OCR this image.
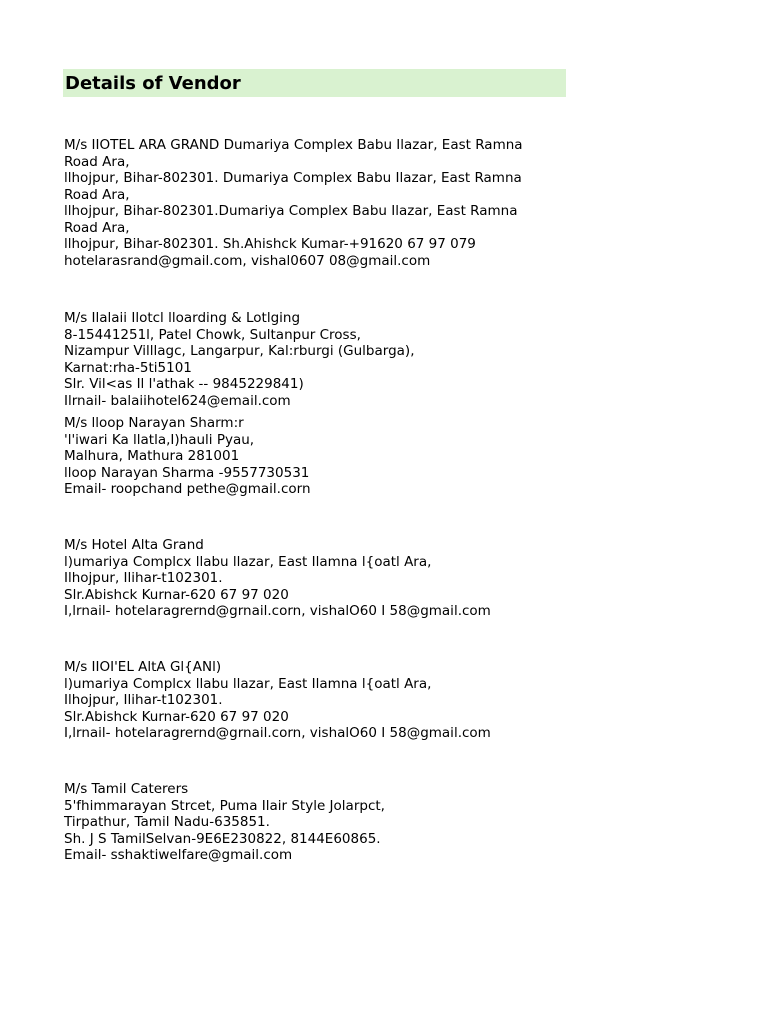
Details of Vendor
M/s IIOTEL ARA GRAND Dumariya Complex Babu Ilazar, East Ramna
Road Ara,
llhojpur, Bihar-802301. Dumariya Complex Babu Ilazar, East Ramna
Road Ara,
llhojpur, Bihar-802301.Dumariya Complex Babu Ilazar, East Ramna
Road Ara,
llhojpur, Bihar-802301. Sh.Ahishck Kumar-+91620 67 97 079
hotelarasrand@gmail.com, vishal0607 08@gmail.com
M/s Ilalaii Ilotcl lloarding & Lotlging
8-15441251l, Patel Chowk, Sultanpur Cross,
Nizampur Villlagc, Langarpur, Kal:rburgi (Gulbarga),
Karnat:rha-5ti5101
Slr. Vil<as Il l'athak -- 9845229841)
Ilrnail- balaiihotel624@email.com
M/s lloop Narayan Sharm:r
'l'iwari Ka llatla,I)hauli Pyau,
Malhura, Mathura 281001
lloop Narayan Sharma -9557730531
Email- roopchand pethe@gmail.corn
M/s Hotel Alta Grand
l)umariya Complcx llabu llazar, East Ilamna l{oatl Ara,
Ilhojpur, Ilihar-t102301.
Slr.Abishck Kurnar-620 67 97 020
I,lrnail- hotelaragrernd@grnail.corn, vishalO60 I 58@gmail.com
M/s IIOI'EL AltA Gl{ANl)
l)umariya Complcx llabu llazar, East Ilamna l{oatl Ara,
Ilhojpur, Ilihar-t102301.
Slr.Abishck Kurnar-620 67 97 020
I,lrnail- hotelaragrernd@grnail.corn, vishalO60 I 58@gmail.com
M/s Tamil Caterers
5'fhimmarayan Strcet, Puma Ilair Style Jolarpct,
Tirpathur, Tamil Nadu-635851.
Sh. J S TamilSelvan-9E6E230822, 8144E60865.
Email- sshaktiwelfare@gmail.com
